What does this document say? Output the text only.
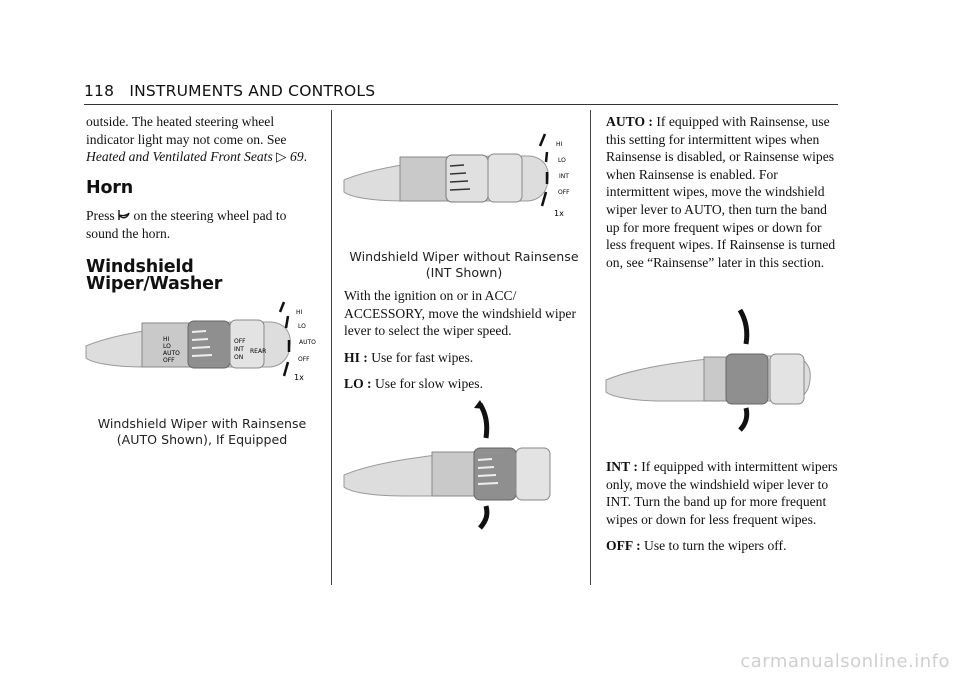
118 INSTRUMENTS AND CONTROLS

outside. The heated steering wheel indicator light may not come on. See Heated and Ventilated Front Seats ▷ 69.

Horn

Press on the steering wheel pad to sound the horn.

Windshield Wiper/Washer
HI
LO
AUTO
OFF
OFF
INT
ON
REAR
HI
LO
AUTO
OFF
1x
Windshield Wiper with Rainsense (AUTO Shown), If Equipped
HI
LO
INT
OFF
1x
Windshield Wiper without Rainsense (INT Shown)

With the ignition on or in ACC/ ACCESSORY, move the windshield wiper lever to select the wiper speed.

HI : Use for fast wipes.

LO : Use for slow wipes.

AUTO : If equipped with Rainsense, use this setting for intermittent wipes when Rainsense is disabled, or Rainsense wipes when Rainsense is enabled. For intermittent wipes, move the windshield wiper lever to AUTO, then turn the band up for more frequent wipes or down for less frequent wipes. If Rainsense is turned on, see “Rainsense” later in this section.

INT : If equipped with intermittent wipers only, move the windshield wiper lever to INT. Turn the band up for more frequent wipes or down for less frequent wipes.

OFF : Use to turn the wipers off.

carmanualsonline.info
